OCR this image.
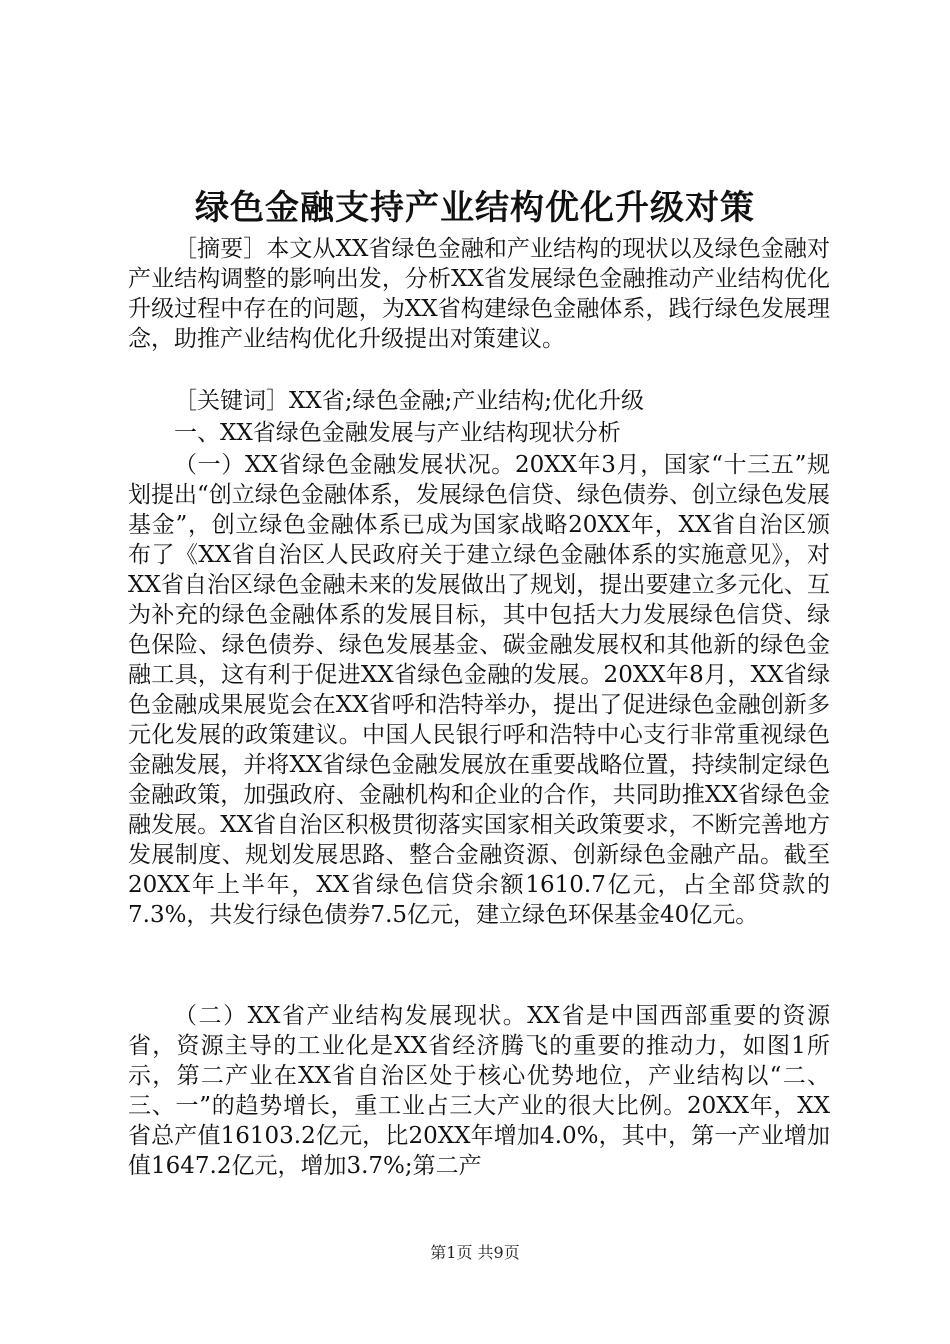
绿色金融支持产业结构优化升级对策

［摘要］本文从XX省绿色金融和产业结构的现状以及绿色金融对产业结构调整的影响出发，分析XX省发展绿色金融推动产业结构优化升级过程中存在的问题，为XX省构建绿色金融体系，践行绿色发展理念，助推产业结构优化升级提出对策建议。

［关键词］XX省;绿色金融;产业结构;优化升级

一、XX省绿色金融发展与产业结构现状分析

（一）XX省绿色金融发展状况。20XX年3月，国家“十三五”规划提出“创立绿色金融体系，发展绿色信贷、绿色债券、创立绿色发展基金”，创立绿色金融体系已成为国家战略20XX年，XX省自治区颁布了《XX省自治区人民政府关于建立绿色金融体系的实施意见》，对XX省自治区绿色金融未来的发展做出了规划，提出要建立多元化、互为补充的绿色金融体系的发展目标，其中包括大力发展绿色信贷、绿色保险、绿色债券、绿色发展基金、碳金融发展权和其他新的绿色金融工具，这有利于促进XX省绿色金融的发展。20XX年8月，XX省绿色金融成果展览会在XX省呼和浩特举办，提出了促进绿色金融创新多元化发展的政策建议。中国人民银行呼和浩特中心支行非常重视绿色金融发展，并将XX省绿色金融发展放在重要战略位置，持续制定绿色金融政策，加强政府、金融机构和企业的合作，共同助推XX省绿色金融发展。XX省自治区积极贯彻落实国家相关政策要求，不断完善地方发展制度、规划发展思路、整合金融资源、创新绿色金融产品。截至20XX年上半年，XX省绿色信贷余额1610.7亿元，占全部贷款的7.3%，共发行绿色债券7.5亿元，建立绿色环保基金40亿元。

（二）XX省产业结构发展现状。XX省是中国西部重要的资源省，资源主导的工业化是XX省经济腾飞的重要的推动力，如图1所示，第二产业在XX省自治区处于核心优势地位，产业结构以“二、三、一”的趋势增长，重工业占三大产业的很大比例。20XX年，XX省总产值16103.2亿元，比20XX年增加4.0%，其中，第一产业增加值1647.2亿元，增加3.7%;第二产

第1页 共9页
